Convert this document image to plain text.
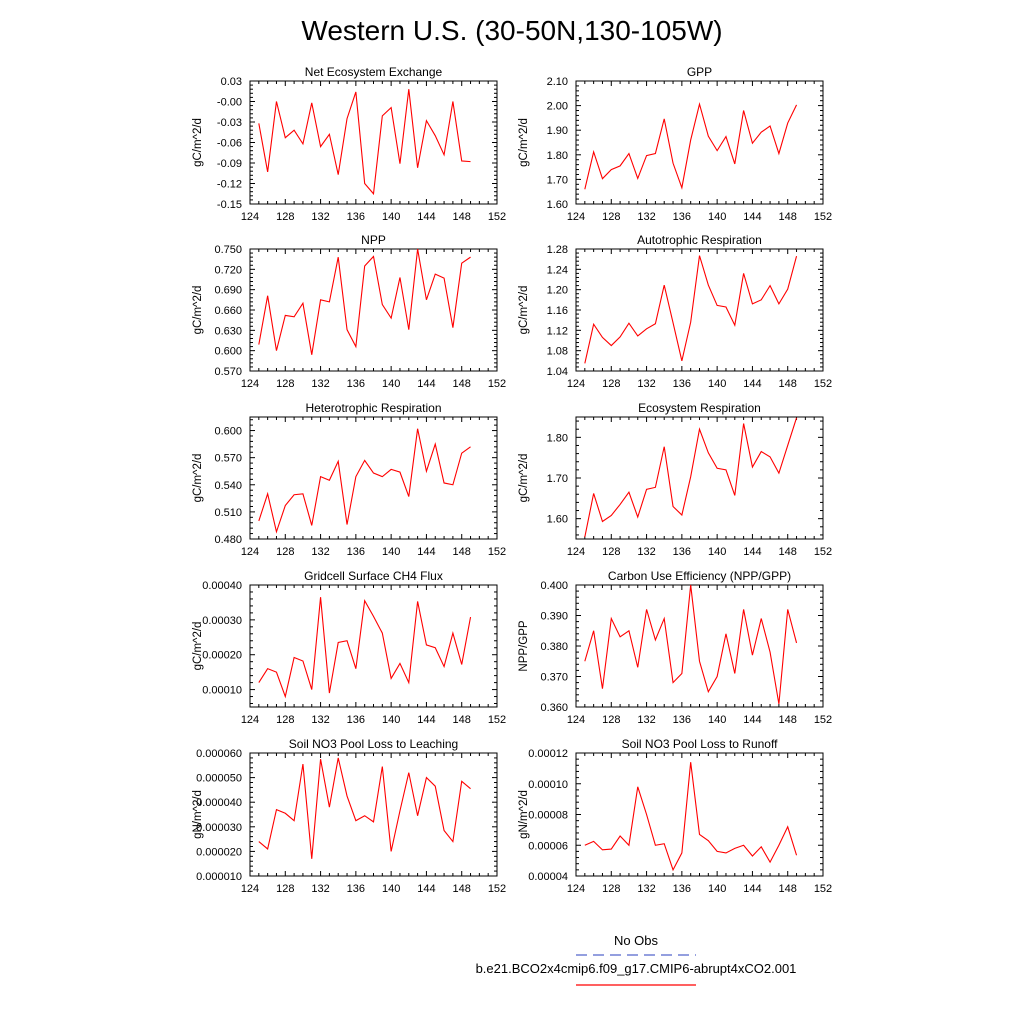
Western U.S. (30-50N,130-105W)
Net Ecosystem Exchange
124 128 132 136 140 144 148 152
-0.15
-0.12
-0.09
-0.06
-0.03
-0.00
0.03
gC/m^2/d
GPP
124 128 132 136 140 144 148 152
1.60
1.70
1.80
1.90
2.00
2.10
gC/m^2/d
NPP
124 128 132 136 140 144 148 152
0.570
0.600
0.630
0.660
0.690
0.720
0.750
gC/m^2/d
Autotrophic Respiration
124 128 132 136 140 144 148 152
1.04
1.08
1.12
1.16
1.20
1.24
1.28
gC/m^2/d
Heterotrophic Respiration
124 128 132 136 140 144 148 152
0.480
0.510
0.540
0.570
0.600
gC/m^2/d
Ecosystem Respiration
124 128 132 136 140 144 148 152
1.60
1.70
1.80
gC/m^2/d
Gridcell Surface CH4 Flux
124 128 132 136 140 144 148 152
0.00010
0.00020
0.00030
0.00040
gC/m^2/d
Carbon Use Efficiency (NPP/GPP)
124 128 132 136 140 144 148 152
0.360
0.370
0.380
0.390
0.400
NPP/GPP
Soil NO3 Pool Loss to Leaching
124 128 132 136 140 144 148 152
0.000010
0.000020
0.000030
0.000040
0.000050
0.000060
gN/m^2/d
Soil NO3 Pool Loss to Runoff
124 128 132 136 140 144 148 152
0.00004
0.00006
0.00008
0.00010
0.00012
gN/m^2/d
No Obs
b.e21.BCO2x4cmip6.f09_g17.CMIP6-abrupt4xCO2.001
